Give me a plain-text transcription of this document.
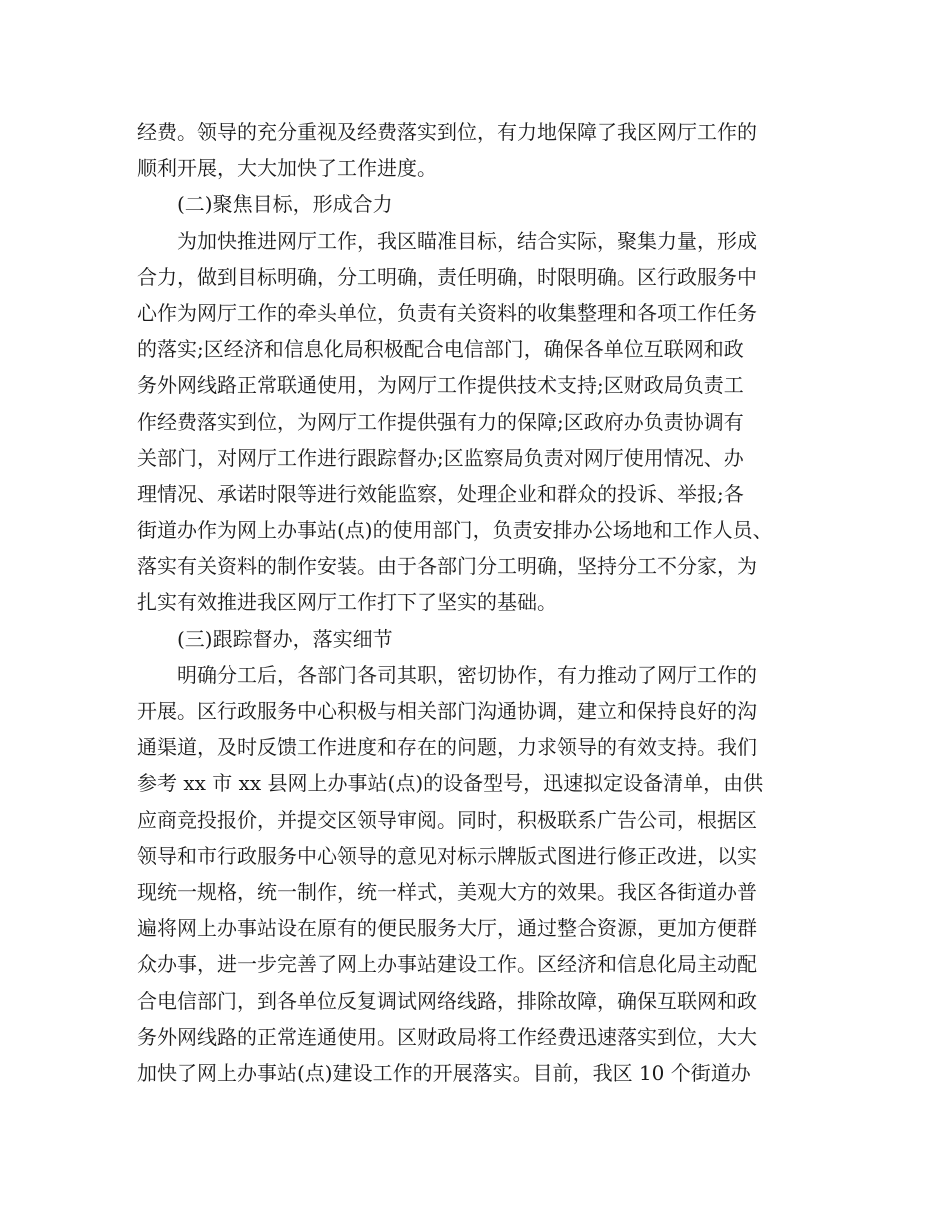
经费。领导的充分重视及经费落实到位，有力地保障了我区网厅工作的
顺利开展，大大加快了工作进度。
(二)聚焦目标，形成合力
为加快推进网厅工作，我区瞄准目标，结合实际，聚集力量，形成
合力，做到目标明确，分工明确，责任明确，时限明确。区行政服务中
心作为网厅工作的牵头单位，负责有关资料的收集整理和各项工作任务
的落实;区经济和信息化局积极配合电信部门，确保各单位互联网和政
务外网线路正常联通使用，为网厅工作提供技术支持;区财政局负责工
作经费落实到位，为网厅工作提供强有力的保障;区政府办负责协调有
关部门，对网厅工作进行跟踪督办;区监察局负责对网厅使用情况、办
理情况、承诺时限等进行效能监察，处理企业和群众的投诉、举报;各
街道办作为网上办事站(点)的使用部门，负责安排办公场地和工作人员、
落实有关资料的制作安装。由于各部门分工明确，坚持分工不分家，为
扎实有效推进我区网厅工作打下了坚实的基础。
(三)跟踪督办，落实细节
明确分工后，各部门各司其职，密切协作，有力推动了网厅工作的
开展。区行政服务中心积极与相关部门沟通协调，建立和保持良好的沟
通渠道，及时反馈工作进度和存在的问题，力求领导的有效支持。我们
参考 xx 市 xx 县网上办事站(点)的设备型号，迅速拟定设备清单，由供
应商竞投报价，并提交区领导审阅。同时，积极联系广告公司，根据区
领导和市行政服务中心领导的意见对标示牌版式图进行修正改进，以实
现统一规格，统一制作，统一样式，美观大方的效果。我区各街道办普
遍将网上办事站设在原有的便民服务大厅，通过整合资源，更加方便群
众办事，进一步完善了网上办事站建设工作。区经济和信息化局主动配
合电信部门，到各单位反复调试网络线路，排除故障，确保互联网和政
务外网线路的正常连通使用。区财政局将工作经费迅速落实到位，大大
加快了网上办事站(点)建设工作的开展落实。目前，我区 10 个街道办
